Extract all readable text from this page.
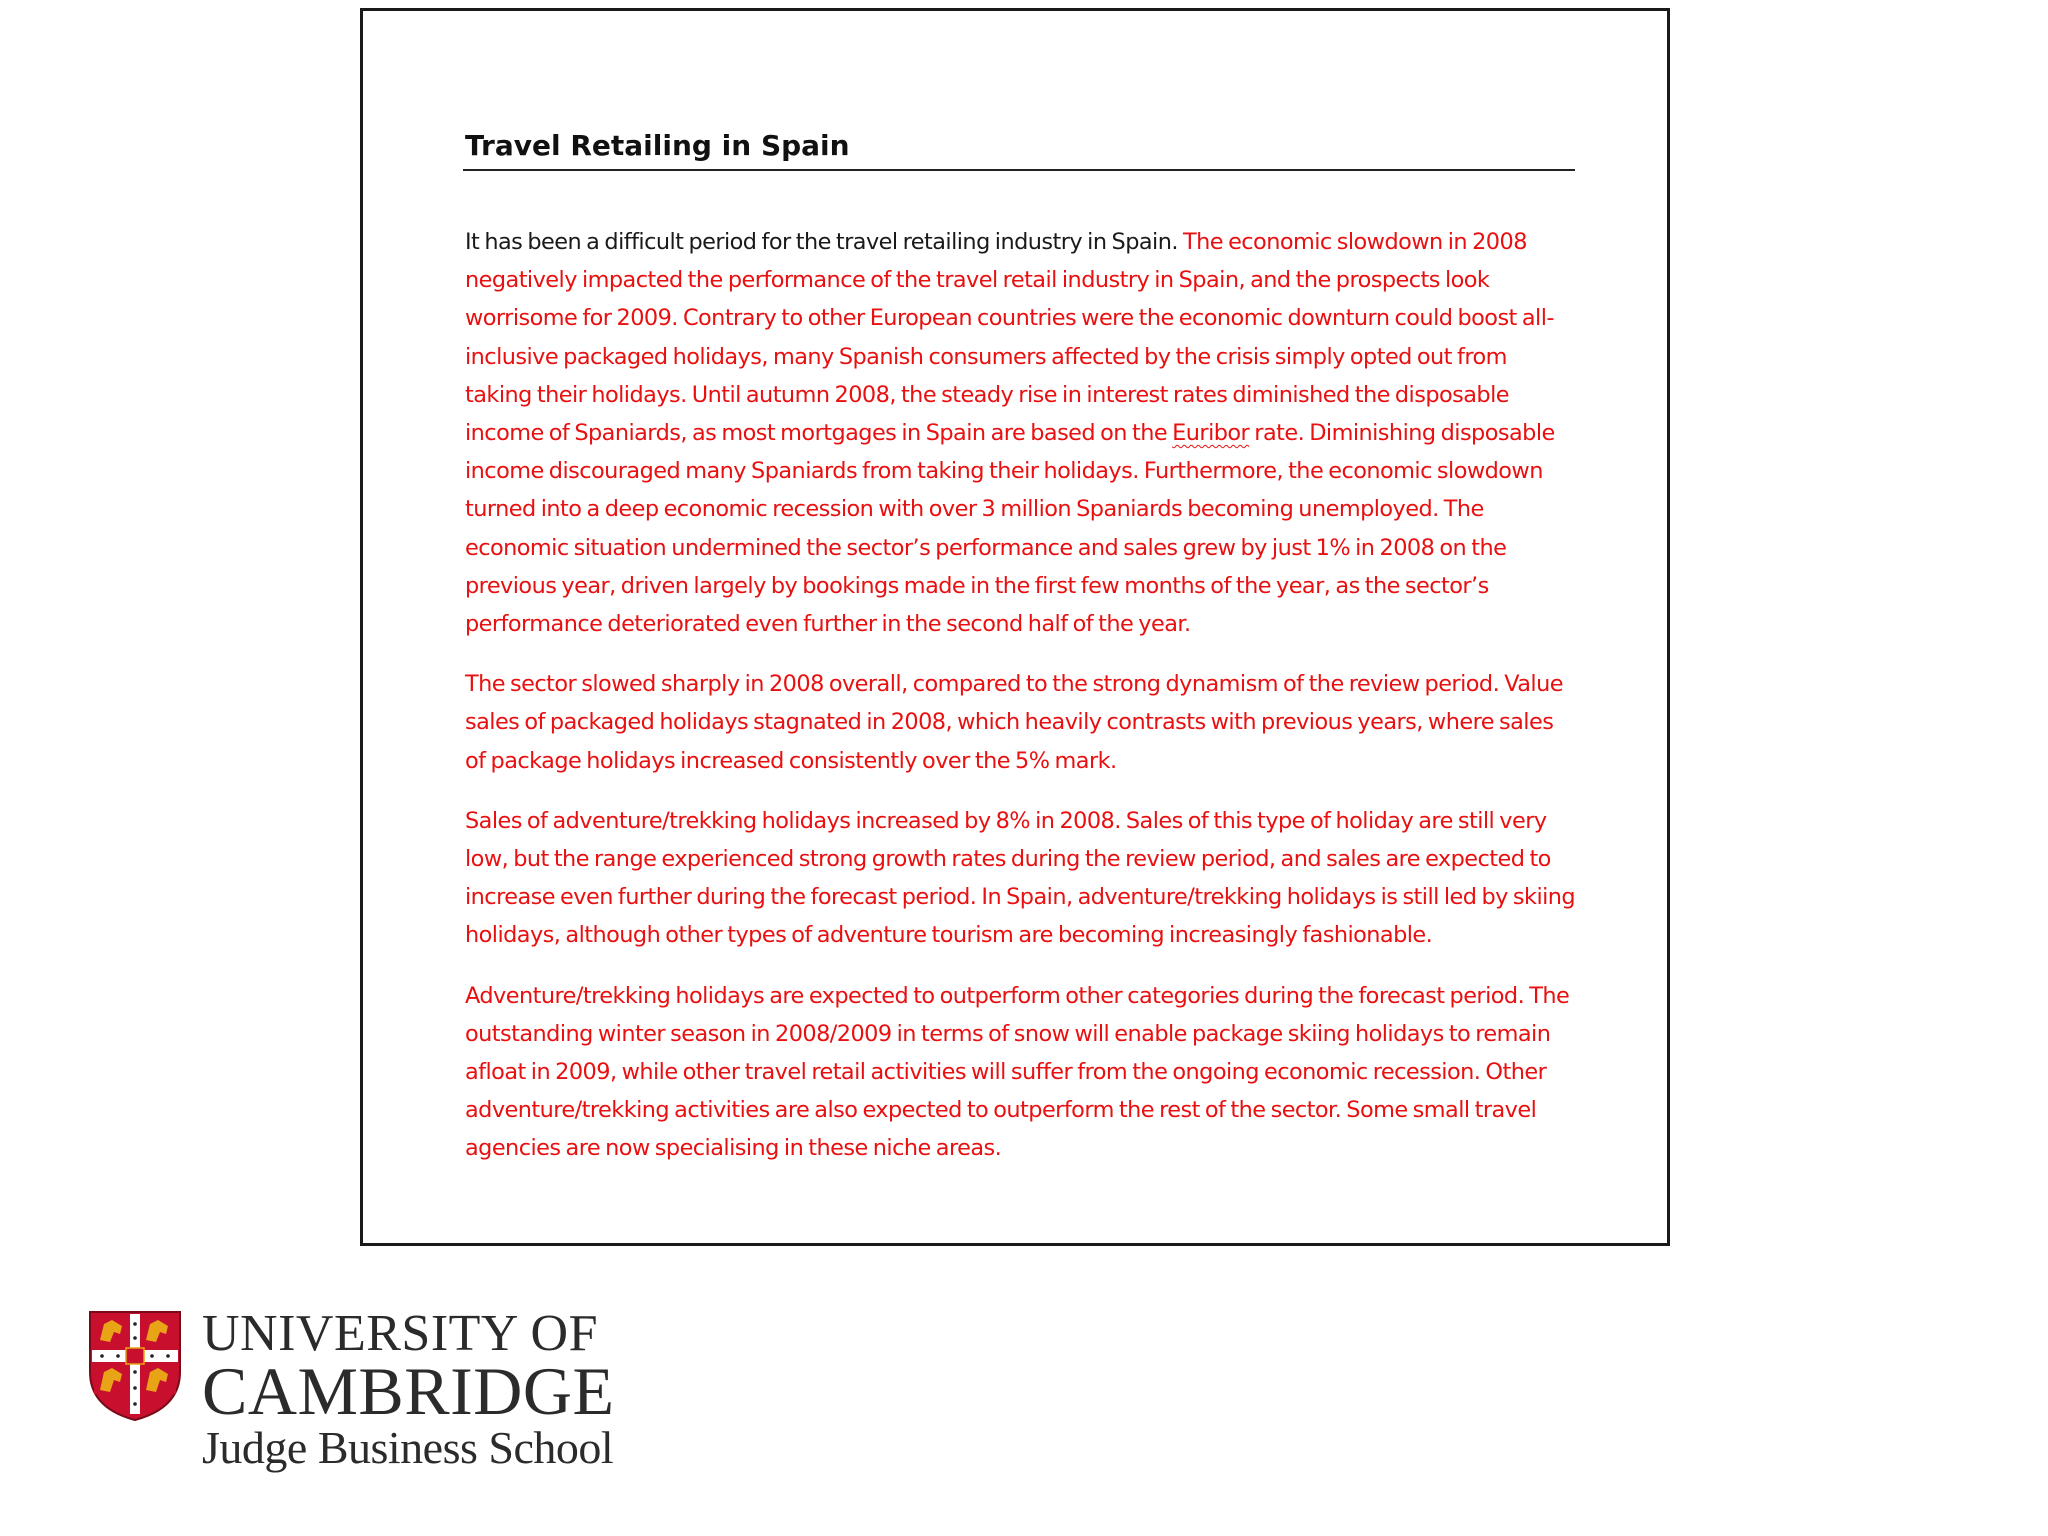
Travel Retailing in Spain

It has been a difficult period for the travel retailing industry in Spain. The economic slowdown in 2008 negatively impacted the performance of the travel retail industry in Spain, and the prospects look worrisome for 2009. Contrary to other European countries were the economic downturn could boost all-inclusive packaged holidays, many Spanish consumers affected by the crisis simply opted out from taking their holidays. Until autumn 2008, the steady rise in interest rates diminished the disposable income of Spaniards, as most mortgages in Spain are based on the Euribor rate. Diminishing disposable income discouraged many Spaniards from taking their holidays. Furthermore, the economic slowdown turned into a deep economic recession with over 3 million Spaniards becoming unemployed. The economic situation undermined the sector’s performance and sales grew by just 1% in 2008 on the previous year, driven largely by bookings made in the first few months of the year, as the sector’s performance deteriorated even further in the second half of the year.

The sector slowed sharply in 2008 overall, compared to the strong dynamism of the review period. Value sales of packaged holidays stagnated in 2008, which heavily contrasts with previous years, where sales of package holidays increased consistently over the 5% mark.

Sales of adventure/trekking holidays increased by 8% in 2008. Sales of this type of holiday are still very low, but the range experienced strong growth rates during the review period, and sales are expected to increase even further during the forecast period. In Spain, adventure/trekking holidays is still led by skiing holidays, although other types of adventure tourism are becoming increasingly fashionable.

Adventure/trekking holidays are expected to outperform other categories during the forecast period. The outstanding winter season in 2008/2009 in terms of snow will enable package skiing holidays to remain afloat in 2009, while other travel retail activities will suffer from the ongoing economic recession. Other adventure/trekking activities are also expected to outperform the rest of the sector. Some small travel agencies are now specialising in these niche areas.

UNIVERSITY OF
CAMBRIDGE
Judge Business School
